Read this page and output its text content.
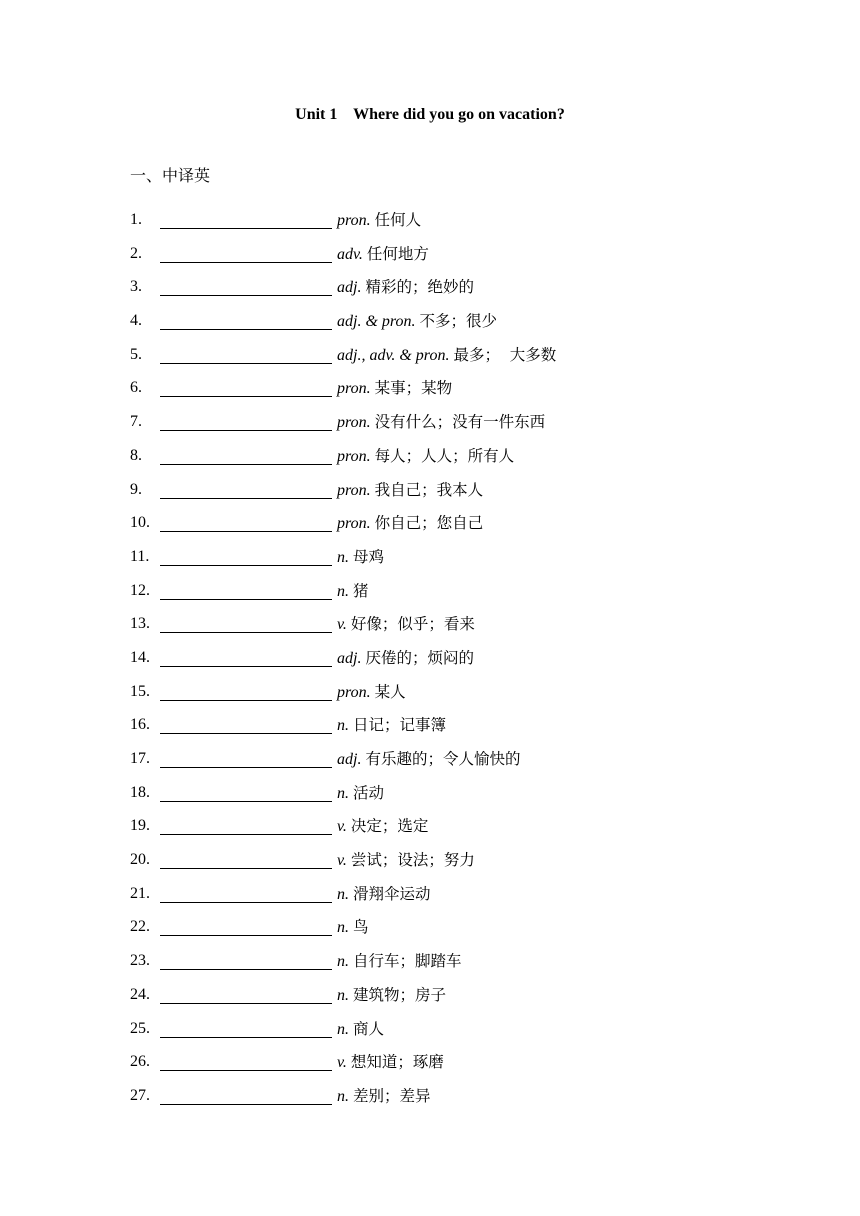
Unit 1    Where did you go on vacation?
一、中译英
1.	pron. 任何人
2.	adv. 任何地方
3.	adj. 精彩的；绝妙的
4.	adj. & pron. 不多；很少
5.	adj., adv. & pron. 最多；  大多数
6.	pron. 某事；某物
7.	pron. 没有什么；没有一件东西
8.	pron. 每人；人人；所有人
9.	pron. 我自己；我本人
10.	pron. 你自己；您自己
11.	n. 母鸡
12.	n. 猪
13.	v. 好像；似乎；看来
14.	adj. 厌倦的；烦闷的
15.	pron. 某人
16.	n. 日记；记事簿
17.	adj. 有乐趣的；令人愉快的
18.	n. 活动
19.	v. 决定；选定
20.	v. 尝试；设法；努力
21.	n. 滑翔伞运动
22.	n. 鸟
23.	n. 自行车；脚踏车
24.	n. 建筑物；房子
25.	n. 商人
26.	v. 想知道；琢磨
27.	n. 差别；差异
